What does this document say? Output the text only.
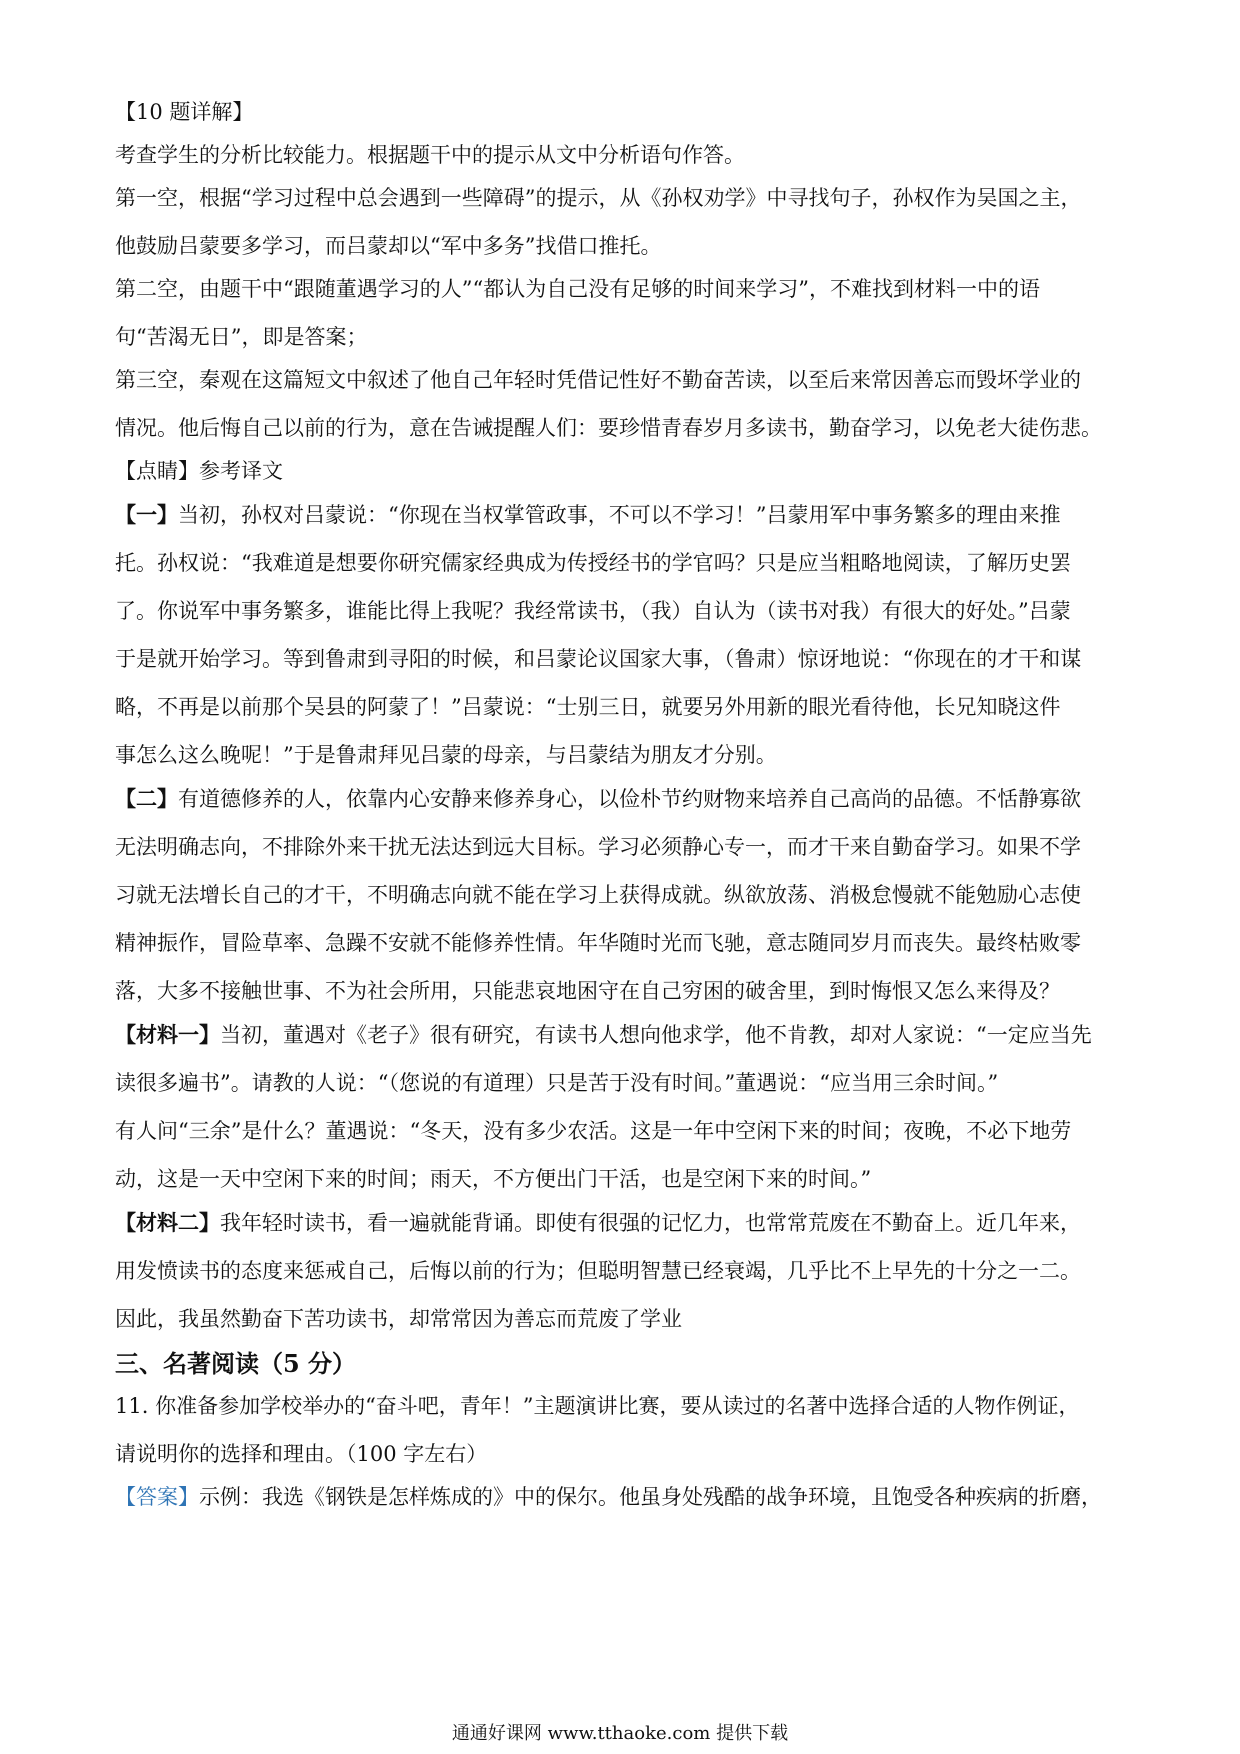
【10 题详解】

考查学生的分析比较能力。根据题干中的提示从文中分析语句作答。

第一空，根据“学习过程中总会遇到一些障碍”的提示，从《孙权劝学》中寻找句子，孙权作为吴国之主，

他鼓励吕蒙要多学习，而吕蒙却以“军中多务”找借口推托。

第二空，由题干中“跟随董遇学习的人”“都认为自己没有足够的时间来学习”，不难找到材料一中的语

句“苦渴无日”，即是答案；

第三空，秦观在这篇短文中叙述了他自己年轻时凭借记性好不勤奋苦读，以至后来常因善忘而毁坏学业的

情况。他后悔自己以前的行为，意在告诫提醒人们：要珍惜青春岁月多读书，勤奋学习，以免老大徒伤悲。

【点睛】参考译文

【一】当初，孙权对吕蒙说：“你现在当权掌管政事，不可以不学习！”吕蒙用军中事务繁多的理由来推

托。孙权说：“我难道是想要你研究儒家经典成为传授经书的学官吗？只是应当粗略地阅读，了解历史罢

了。你说军中事务繁多，谁能比得上我呢？我经常读书，（我）自认为（读书对我）有很大的好处。”吕蒙

于是就开始学习。等到鲁肃到寻阳的时候，和吕蒙论议国家大事，（鲁肃）惊讶地说：“你现在的才干和谋

略，不再是以前那个吴县的阿蒙了！”吕蒙说：“士别三日，就要另外用新的眼光看待他，长兄知晓这件

事怎么这么晚呢！”于是鲁肃拜见吕蒙的母亲，与吕蒙结为朋友才分别。

【二】有道德修养的人，依靠内心安静来修养身心，以俭朴节约财物来培养自己高尚的品德。不恬静寡欲

无法明确志向，不排除外来干扰无法达到远大目标。学习必须静心专一，而才干来自勤奋学习。如果不学

习就无法增长自己的才干，不明确志向就不能在学习上获得成就。纵欲放荡、消极怠慢就不能勉励心志使

精神振作，冒险草率、急躁不安就不能修养性情。年华随时光而飞驰，意志随同岁月而丧失。最终枯败零

落，大多不接触世事、不为社会所用，只能悲哀地困守在自己穷困的破舍里，到时悔恨又怎么来得及？

【材料一】当初，董遇对《老子》很有研究，有读书人想向他求学，他不肯教，却对人家说：“一定应当先

读很多遍书”。请教的人说：“（您说的有道理）只是苦于没有时间。”董遇说：“应当用三余时间。”

有人问“三余”是什么？董遇说：“冬天，没有多少农活。这是一年中空闲下来的时间；夜晚，不必下地劳

动，这是一天中空闲下来的时间；雨天，不方便出门干活，也是空闲下来的时间。”

【材料二】我年轻时读书，看一遍就能背诵。即使有很强的记忆力，也常常荒废在不勤奋上。近几年来，

用发愤读书的态度来惩戒自己，后悔以前的行为；但聪明智慧已经衰竭，几乎比不上早先的十分之一二。

因此，我虽然勤奋下苦功读书，却常常因为善忘而荒废了学业

三、名著阅读（5 分）

11. 你准备参加学校举办的“奋斗吧，青年！”主题演讲比赛，要从读过的名著中选择合适的人物作例证，

请说明你的选择和理由。（100 字左右）

【答案】示例：我选《钢铁是怎样炼成的》中的保尔。他虽身处残酷的战争环境，且饱受各种疾病的折磨，

通通好课网 www.tthaoke.com 提供下载
